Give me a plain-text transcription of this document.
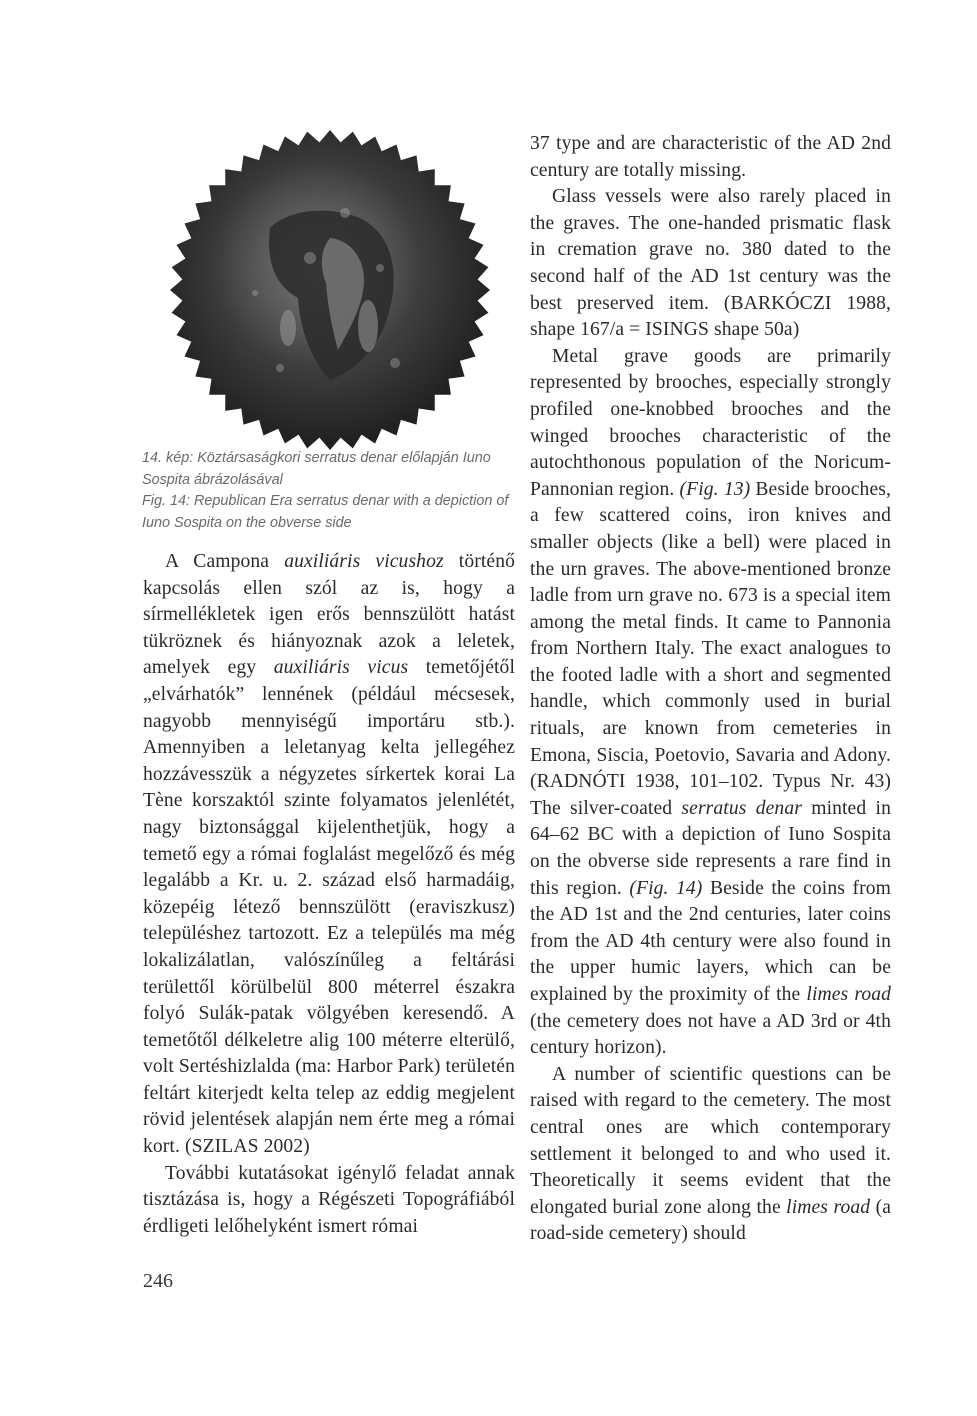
14. kép: Köztársaságkori serratus denar előlapján Iuno Sospita ábrázolásával

Fig. 14: Republican Era serratus denar with a depiction of Iuno Sospita on the obverse side

A Campona auxiliáris vicushoz történő kapcsolás ellen szól az is, hogy a sírmellékletek igen erős bennszülött hatást tükröznek és hiányoznak azok a leletek, amelyek egy auxiliáris vicus temetőjétől „elvárhatók” lennének (például mécsesek, nagyobb mennyiségű importáru stb.). Amennyiben a leletanyag kelta jellegéhez hozzávesszük a négyzetes sírkertek korai La Tène korszaktól szinte folyamatos jelenlétét, nagy biztonsággal kijelenthetjük, hogy a temető egy a római foglalást megelőző és még legalább a Kr. u. 2. század első harmadáig, közepéig létező bennszülött (eraviszkusz) településhez tartozott. Ez a település ma még lokalizálatlan, valószínűleg a feltárási területtől körülbelül 800 méterrel északra folyó Sulák-patak völgyében keresendő. A temetőtől délkeletre alig 100 méterre elterülő, volt Sertéshizlalda (ma: Harbor Park) területén feltárt kiterjedt kelta telep az eddig megjelent rövid jelentések alapján nem érte meg a római kort. (SZILAS 2002)

További kutatásokat igénylő feladat annak tisztázása is, hogy a Régészeti Topográfiából érdligeti lelőhelyként ismert római

37 type and are characteristic of the AD 2nd century are totally missing.

Glass vessels were also rarely placed in the graves. The one-handed prismatic flask in cremation grave no. 380 dated to the second half of the AD 1st century was the best preserved item. (BARKÓCZI 1988, shape 167/a = ISINGS shape 50a)

Metal grave goods are primarily represented by brooches, especially strongly profiled one-knobbed brooches and the winged brooches characteristic of the autochthonous population of the Noricum-Pannonian region. (Fig. 13) Beside brooches, a few scattered coins, iron knives and smaller objects (like a bell) were placed in the urn graves. The above-mentioned bronze ladle from urn grave no. 673 is a special item among the metal finds. It came to Pannonia from Northern Italy. The exact analogues to the footed ladle with a short and segmented handle, which commonly used in burial rituals, are known from cemeteries in Emona, Siscia, Poetovio, Savaria and Adony. (RADNÓTI 1938, 101–102. Typus Nr. 43) The silver-coated serratus denar minted in 64–62 BC with a depiction of Iuno Sospita on the obverse side represents a rare find in this region. (Fig. 14) Beside the coins from the AD 1st and the 2nd centuries, later coins from the AD 4th century were also found in the upper humic layers, which can be explained by the proximity of the limes road (the cemetery does not have a AD 3rd or 4th century horizon).

A number of scientific questions can be raised with regard to the cemetery. The most central ones are which contemporary settlement it belonged to and who used it. Theoretically it seems evident that the elongated burial zone along the limes road (a road-side cemetery) should

246
